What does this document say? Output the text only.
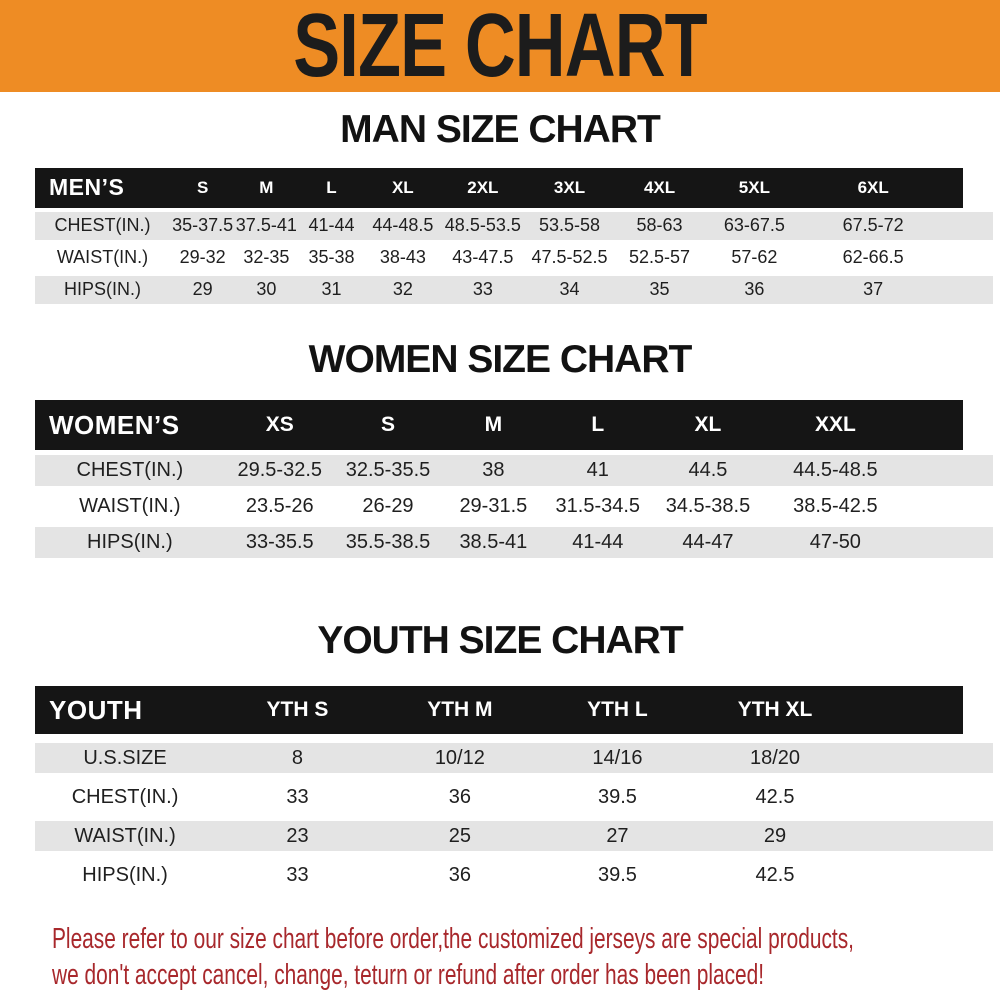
SIZE CHART
MAN SIZE CHART
MEN’S	S	M	L	XL	2XL	3XL	4XL	5XL	6XL		
CHEST(IN.)	35-37.5	37.5-41	41-44	44-48.5	48.5-53.5	53.5-58	58-63	63-67.5	67.5-72		
WAIST(IN.)	29-32	32-35	35-38	38-43	43-47.5	47.5-52.5	52.5-57	57-62	62-66.5		
HIPS(IN.)	29	30	31	32	33	34	35	36	37		
WOMEN SIZE CHART
WOMEN’S	XS	S	M	L	XL	XXL		
CHEST(IN.)	29.5-32.5	32.5-35.5	38	41	44.5	44.5-48.5		
WAIST(IN.)	23.5-26	26-29	29-31.5	31.5-34.5	34.5-38.5	38.5-42.5		
HIPS(IN.)	33-35.5	35.5-38.5	38.5-41	41-44	44-47	47-50		
YOUTH SIZE CHART
YOUTH	YTH S	YTH M	YTH L	YTH XL		
U.S.SIZE	8	10/12	14/16	18/20		
CHEST(IN.)	33	36	39.5	42.5		
WAIST(IN.)	23	25	27	29		
HIPS(IN.)	33	36	39.5	42.5		
Please refer to our size chart before order,the customized jerseys are special products,
we don't accept cancel, change, teturn or refund after order has been placed!
